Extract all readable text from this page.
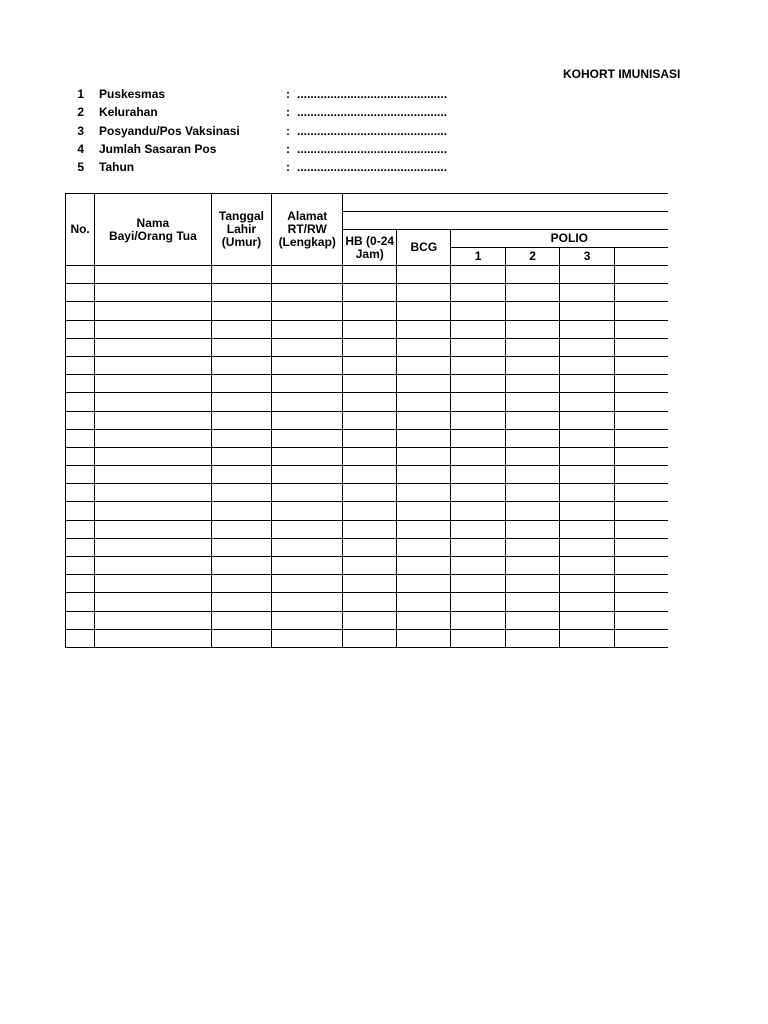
KOHORT IMUNISASI
1 Puskesmas	: .............................................
2 Kelurahan	: .............................................
3 Posyandu/Pos Vaksinasi	: .............................................
4 Jumlah Sasaran Pos	: .............................................
5 Tahun	: .............................................
No.	Nama Bayi/Orang Tua	Tanggal Lahir (Umur)	Alamat RT/RW (Lengkap)						

				HB (0-24 Jam)	BCG	POLIO			
						1	2	3	
